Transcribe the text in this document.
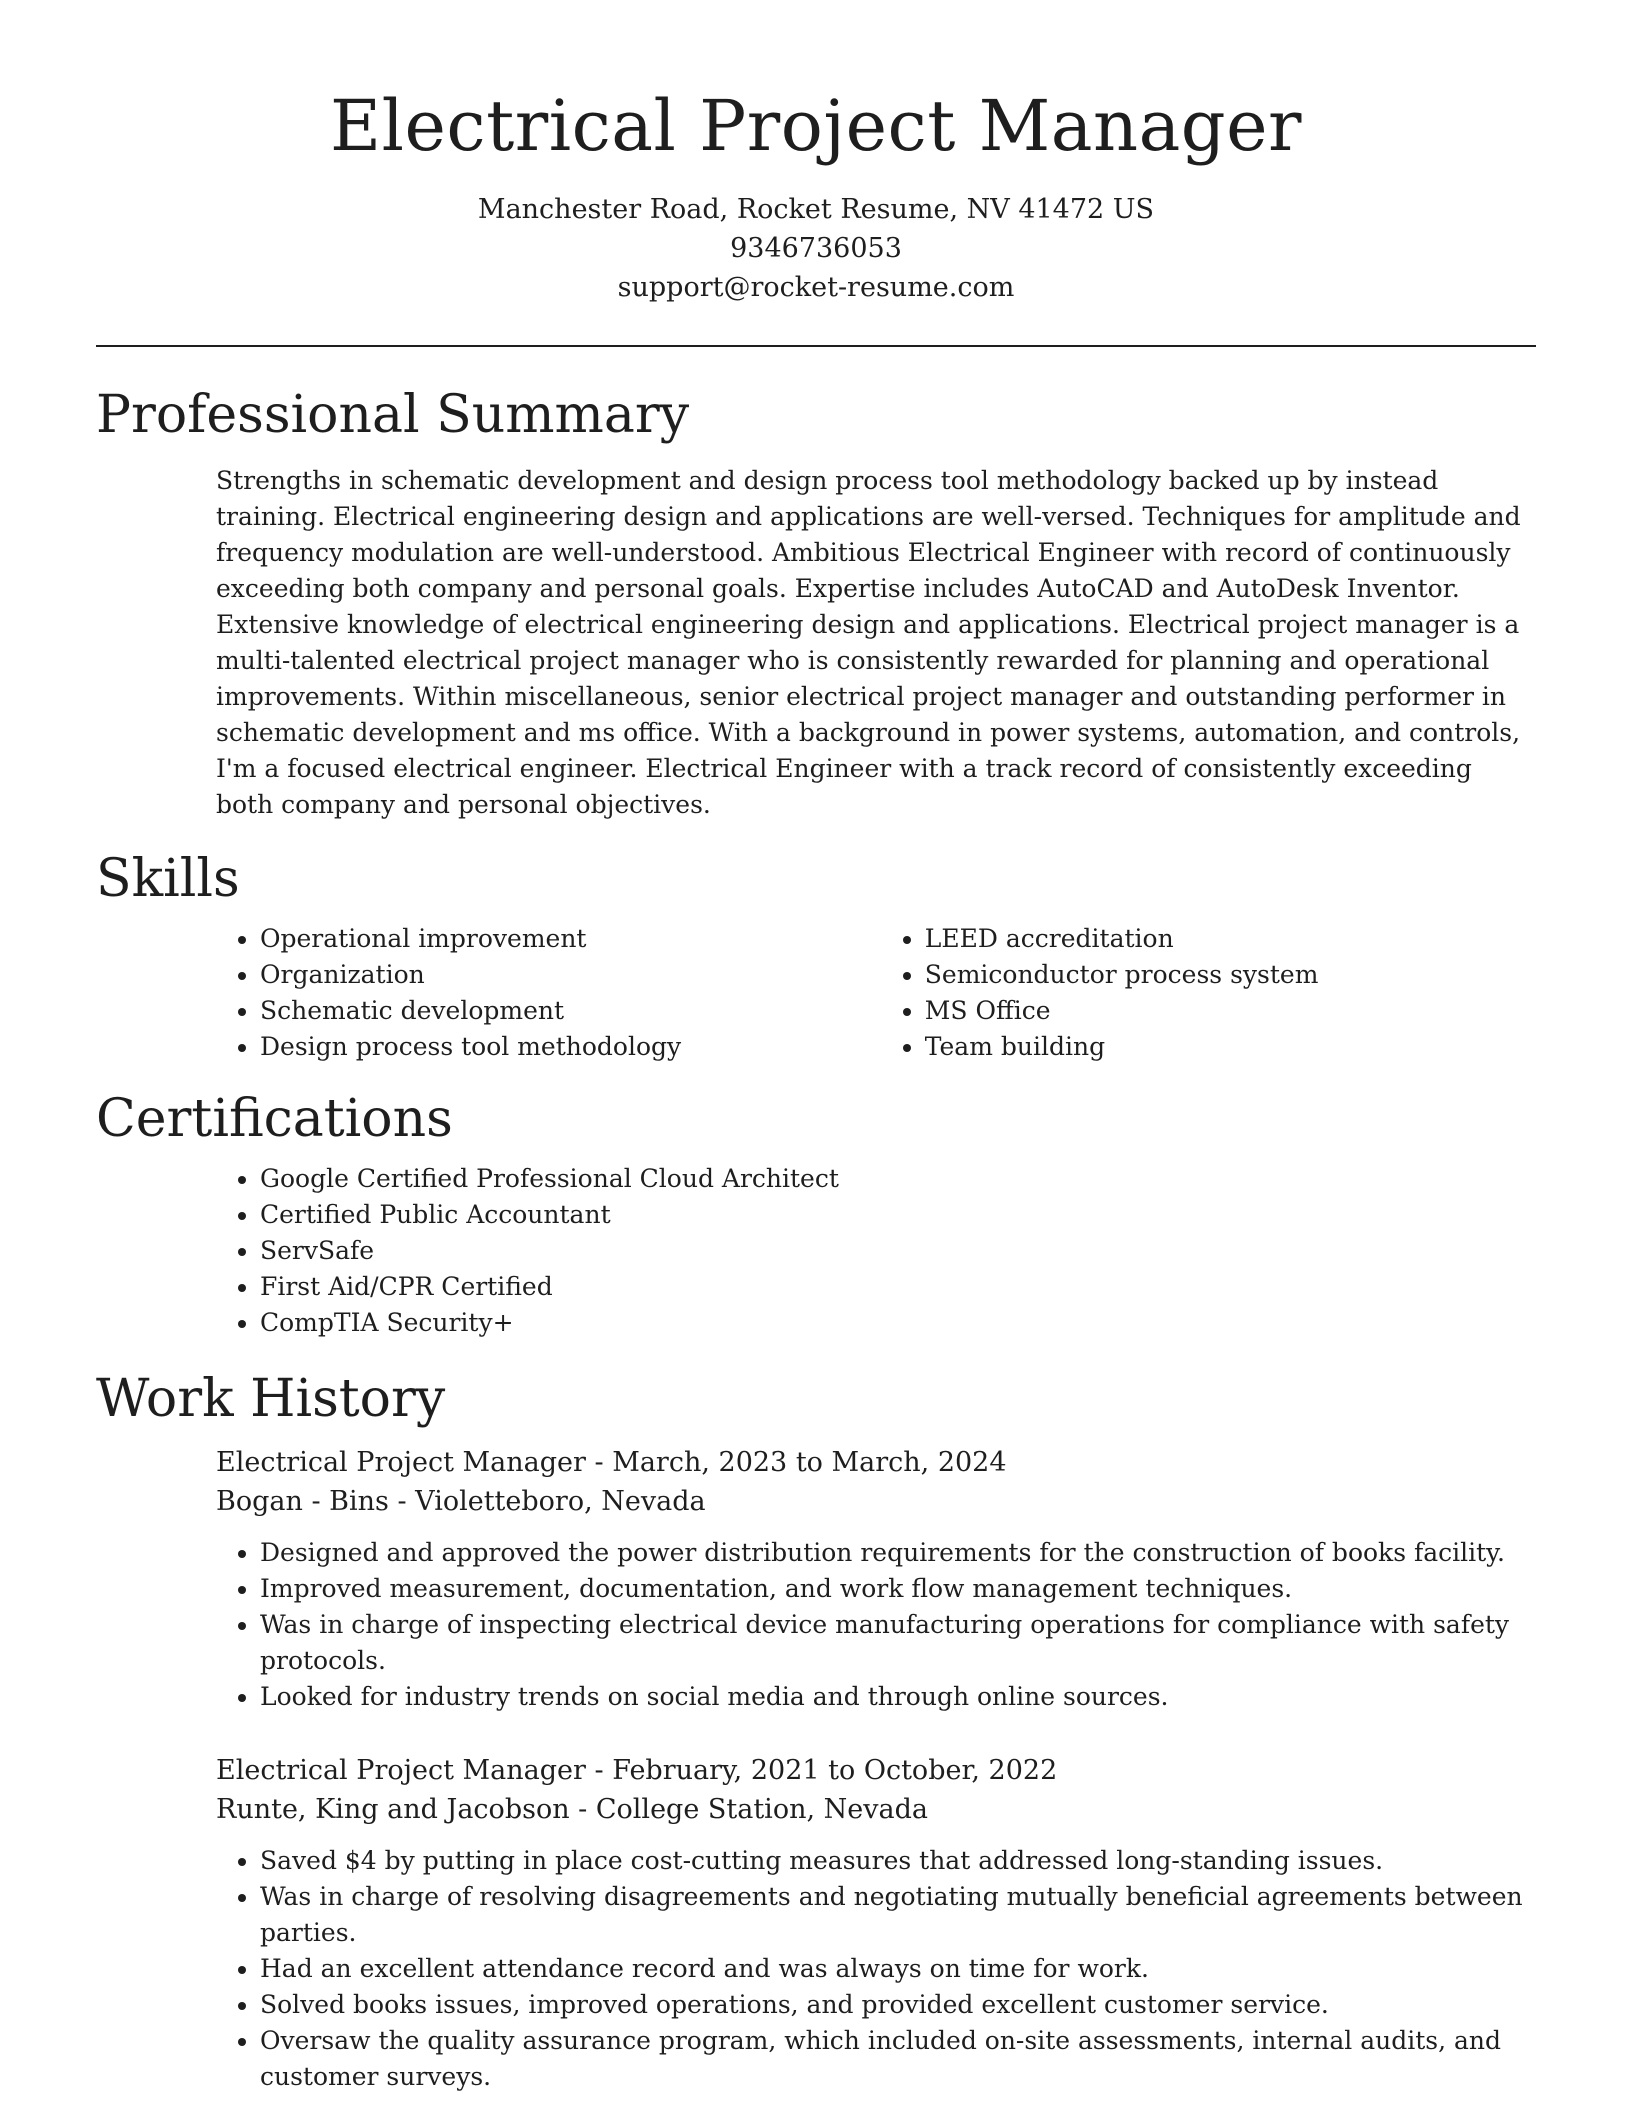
Electrical Project Manager
Manchester Road, Rocket Resume, NV 41472 US
9346736053
support@rocket-resume.com
Professional Summary

Strengths in schematic development and design process tool methodology backed up by instead training. Electrical engineering design and applications are well-versed. Techniques for amplitude and frequency modulation are well-understood. Ambitious Electrical Engineer with record of continuously exceeding both company and personal goals. Expertise includes AutoCAD and AutoDesk Inventor. Extensive knowledge of electrical engineering design and applications. Electrical project manager is a multi-talented electrical project manager who is consistently rewarded for planning and operational improvements. Within miscellaneous, senior electrical project manager and outstanding performer in schematic development and ms office. With a background in power systems, automation, and controls, I'm a focused electrical engineer. Electrical Engineer with a track record of consistently exceeding both company and personal objectives.

Skills
• Operational improvement
• Organization
• Schematic development
• Design process tool methodology
• LEED accreditation
• Semiconductor process system
• MS Office
• Team building
Certifications
• Google Certified Professional Cloud Architect
• Certified Public Accountant
• ServSafe
• First Aid/CPR Certified
• CompTIA Security+
Work History
Electrical Project Manager - March, 2023 to March, 2024
Bogan - Bins - Violetteboro, Nevada
• Designed and approved the power distribution requirements for the construction of books facility.
• Improved measurement, documentation, and work flow management techniques.
• Was in charge of inspecting electrical device manufacturing operations for compliance with safety protocols.
• Looked for industry trends on social media and through online sources.
Electrical Project Manager - February, 2021 to October, 2022
Runte, King and Jacobson - College Station, Nevada
• Saved $4 by putting in place cost-cutting measures that addressed long-standing issues.
• Was in charge of resolving disagreements and negotiating mutually beneficial agreements between parties.
• Had an excellent attendance record and was always on time for work.
• Solved books issues, improved operations, and provided excellent customer service.
• Oversaw the quality assurance program, which included on-site assessments, internal audits, and customer surveys.
